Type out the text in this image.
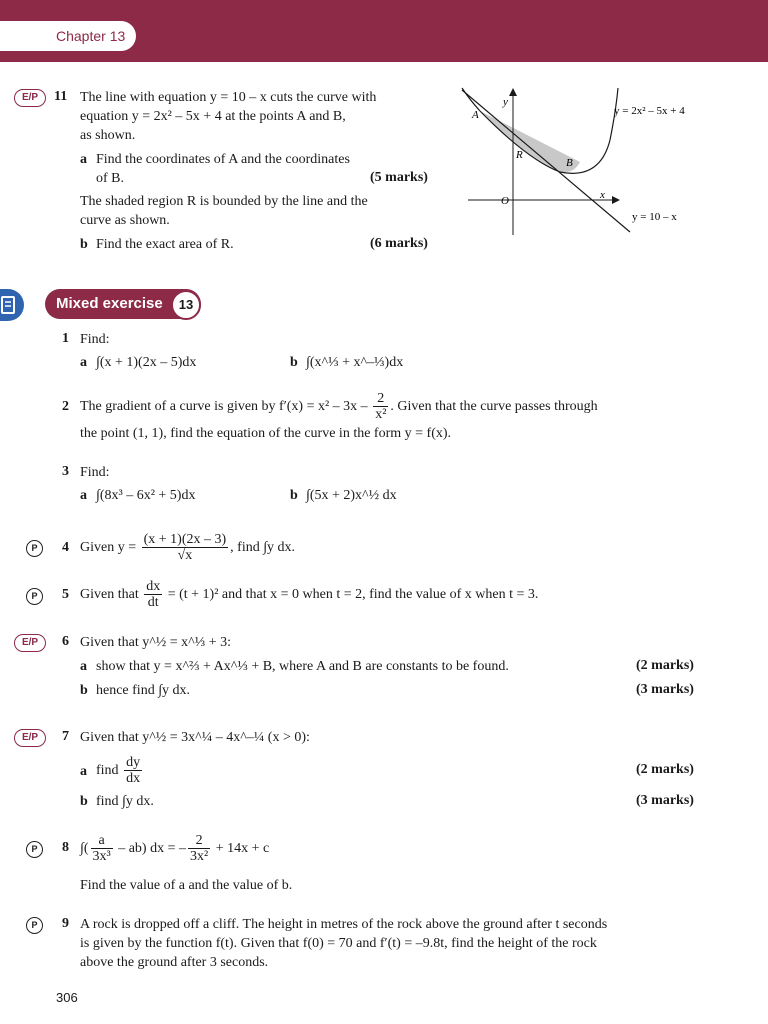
Chapter 13
E/P	11 The line with equation y = 10 – x cuts the curve with
equation y = 2x² – 5x + 4 at the points A and B,
as shown.
a Find the coordinates of A and the coordinates
of B.	(5 marks)
The shaded region R is bounded by the line and the
curve as shown.
b Find the exact area of R.	(6 marks)
y
x
O
A
B
R
y = 2x² – 5x + 4
y = 10 – x
Mixed exercise	13
1 Find:
a ∫(x + 1)(2x – 5)dx	b ∫(x^⅓ + x^–⅓)dx
2 The gradient of a curve is given by $f'(x) = x^2 - 3x - \frac{2}{\text{x²}}$ . Given that the curve passes through
the point (1, 1), find the equation of the curve in the form y = f(x).
3 Find:
a ∫(8x³ – 6x² + 5)dx	b ∫(5x + 2)x^½ dx
P	4 Given $y = \frac{(x + 1)(2x - 3)}{√x}$ , find ∫y dx.
P	5 Given that $\frac{dx}{dt} = (t + 1)^2$ and that x = 0 when t = 2, find the value of x when t = 3.
E/P	6 Given that y^½ = x^⅓ + 3:
a show that y = x^⅔ + Ax^⅓ + B, where A and B are constants to be found.	(2 marks)
b hence find ∫y dx.	(3 marks)
E/P	7 Given that y^½ = 3x^¼ – 4x^–¼ (x > 0):
a find $\frac{dy}{dx}$	(2 marks)
b find ∫y dx.	(3 marks)
P	8 ∫( $\frac{a}{\text{3x³}} - ab$) dx = – $\frac{2}{\text{3x²}} + 14x + c$
Find the value of a and the value of b.
P	9 A rock is dropped off a cliff. The height in metres of the rock above the ground after t seconds
is given by the function f(t). Given that f(0) = 70 and f′(t) = –9.8t, find the height of the rock
above the ground after 3 seconds.
306
